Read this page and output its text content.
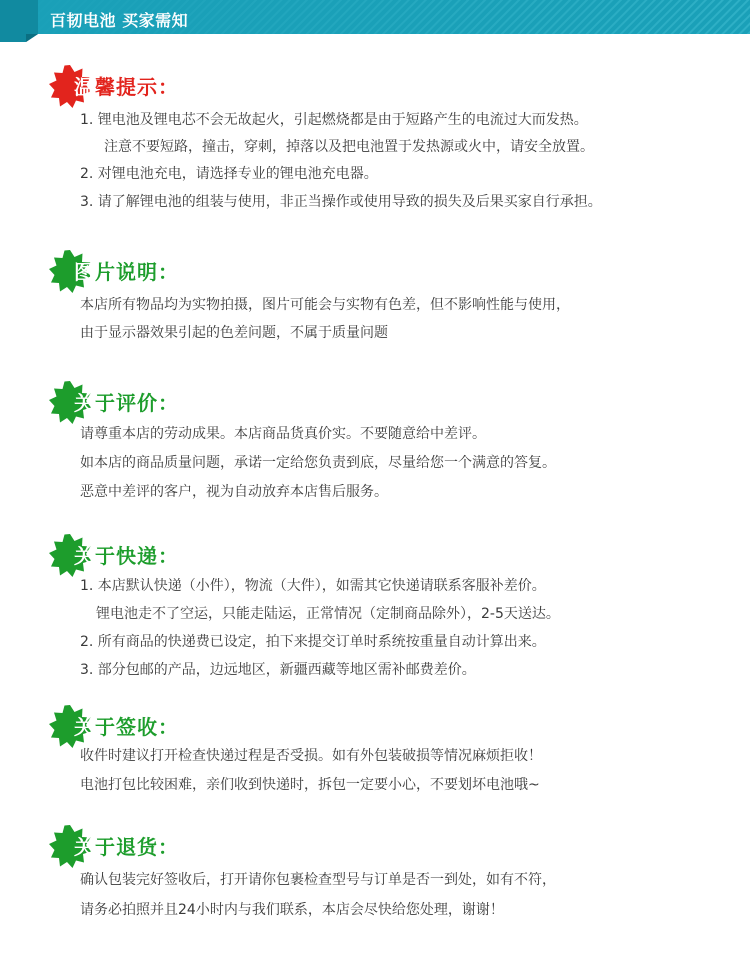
百韧电池 买家需知
温馨提示：
1. 锂电池及锂电芯不会无故起火，引起燃烧都是由于短路产生的电流过大而发热。
注意不要短路，撞击，穿刺，掉落以及把电池置于发热源或火中，请安全放置。
2. 对锂电池充电，请选择专业的锂电池充电器。
3. 请了解锂电池的组装与使用，非正当操作或使用导致的损失及后果买家自行承担。
图片说明：
本店所有物品均为实物拍摄，图片可能会与实物有色差，但不影响性能与使用，
由于显示器效果引起的色差问题，不属于质量问题
关于评价：
请尊重本店的劳动成果。本店商品货真价实。不要随意给中差评。
如本店的商品质量问题，承诺一定给您负责到底，尽量给您一个满意的答复。
恶意中差评的客户，视为自动放弃本店售后服务。
关于快递：
1. 本店默认快递（小件），物流（大件），如需其它快递请联系客服补差价。
锂电池走不了空运，只能走陆运，正常情况（定制商品除外），2-5天送达。
2. 所有商品的快递费已设定，拍下来提交订单时系统按重量自动计算出来。
3. 部分包邮的产品，边远地区，新疆西藏等地区需补邮费差价。
关于签收：
收件时建议打开检查快递过程是否受损。如有外包装破损等情况麻烦拒收！
电池打包比较困难，亲们收到快递时，拆包一定要小心，不要划坏电池哦~
关于退货：
确认包装完好签收后，打开请你包裹检查型号与订单是否一到处，如有不符，
请务必拍照并且24小时内与我们联系，本店会尽快给您处理，谢谢！
